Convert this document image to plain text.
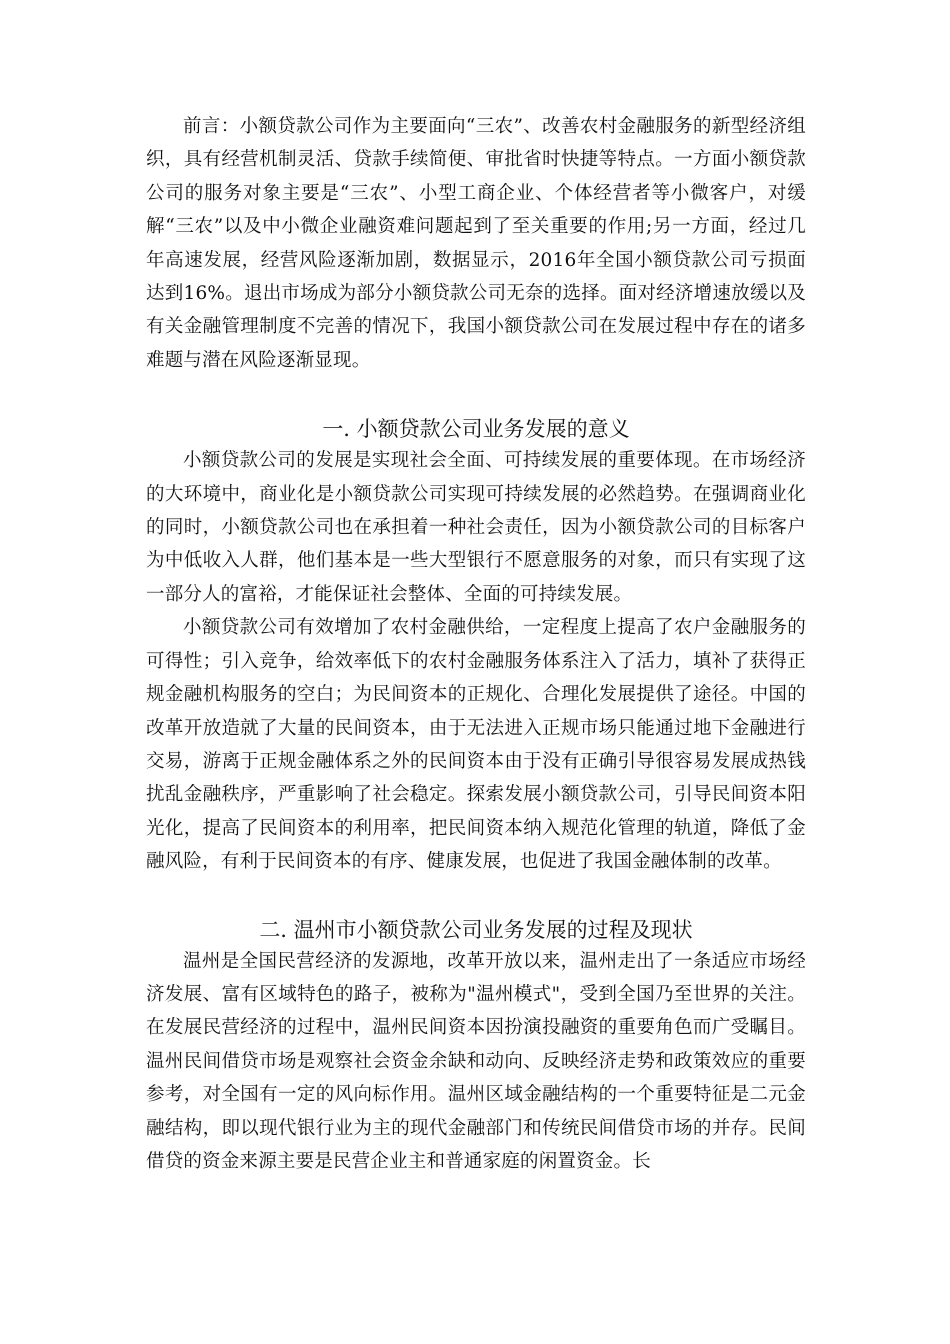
前言：小额贷款公司作为主要面向“三农”、改善农村金融服务的新型经济组织，具有经营机制灵活、贷款手续简便、审批省时快捷等特点。一方面小额贷款公司的服务对象主要是“三农”、小型工商企业、个体经营者等小微客户，对缓解“三农”以及中小微企业融资难问题起到了至关重要的作用;另一方面，经过几年高速发展，经营风险逐渐加剧，数据显示，2016年全国小额贷款公司亏损面达到16%。退出市场成为部分小额贷款公司无奈的选择。面对经济增速放缓以及有关金融管理制度不完善的情况下，我国小额贷款公司在发展过程中存在的诸多难题与潜在风险逐渐显现。

一. 小额贷款公司业务发展的意义

小额贷款公司的发展是实现社会全面、可持续发展的重要体现。在市场经济的大环境中，商业化是小额贷款公司实现可持续发展的必然趋势。在强调商业化的同时，小额贷款公司也在承担着一种社会责任，因为小额贷款公司的目标客户为中低收入人群，他们基本是一些大型银行不愿意服务的对象，而只有实现了这一部分人的富裕，才能保证社会整体、全面的可持续发展。

小额贷款公司有效增加了农村金融供给，一定程度上提高了农户金融服务的可得性；引入竞争，给效率低下的农村金融服务体系注入了活力，填补了获得正规金融机构服务的空白；为民间资本的正规化、合理化发展提供了途径。中国的改革开放造就了大量的民间资本，由于无法进入正规市场只能通过地下金融进行交易，游离于正规金融体系之外的民间资本由于没有正确引导很容易发展成热钱扰乱金融秩序，严重影响了社会稳定。探索发展小额贷款公司，引导民间资本阳光化，提高了民间资本的利用率，把民间资本纳入规范化管理的轨道，降低了金融风险，有利于民间资本的有序、健康发展，也促进了我国金融体制的改革。

二. 温州市小额贷款公司业务发展的过程及现状

温州是全国民营经济的发源地，改革开放以来，温州走出了一条适应市场经济发展、富有区域特色的路子，被称为"温州模式"，受到全国乃至世界的关注。在发展民营经济的过程中，温州民间资本因扮演投融资的重要角色而广受瞩目。温州民间借贷市场是观察社会资金余缺和动向、反映经济走势和政策效应的重要参考，对全国有一定的风向标作用。温州区域金融结构的一个重要特征是二元金融结构，即以现代银行业为主的现代金融部门和传统民间借贷市场的并存。民间借贷的资金来源主要是民营企业主和普通家庭的闲置资金。长
